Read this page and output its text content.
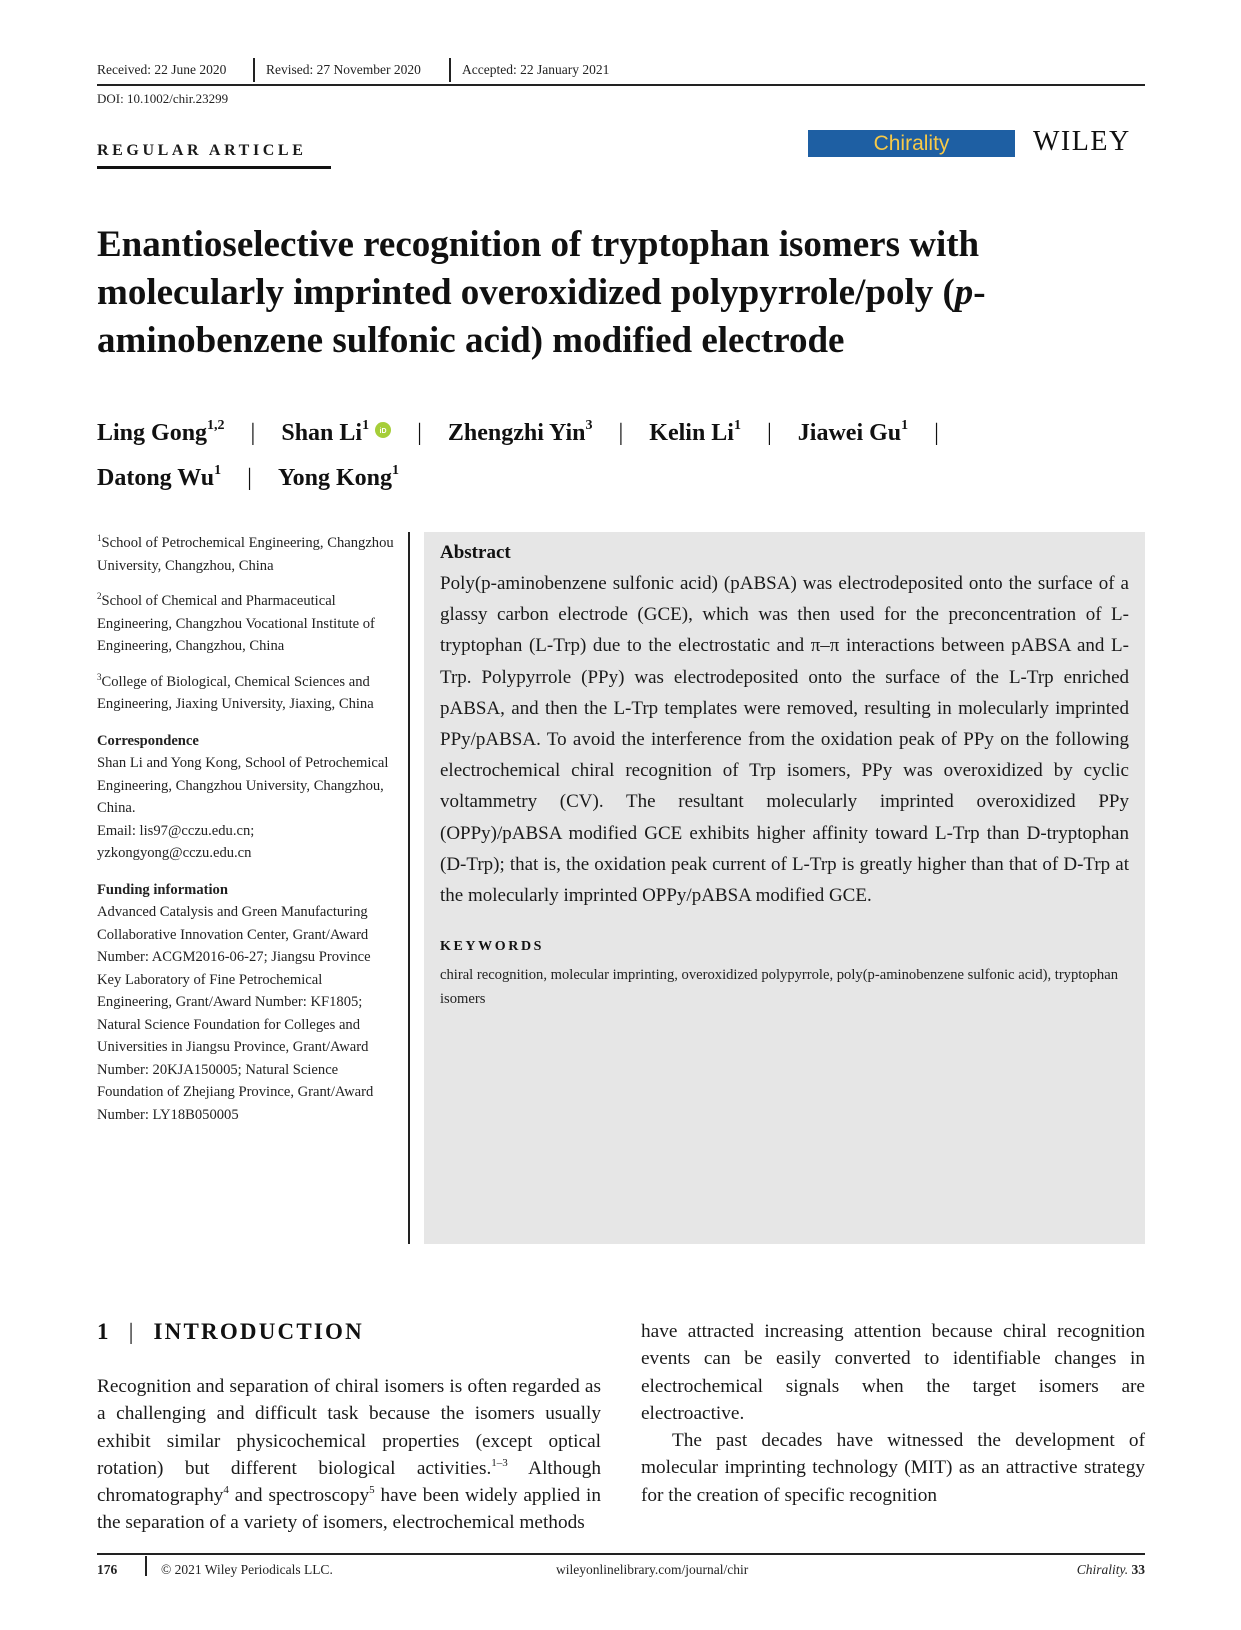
Received: 22 June 2020	Revised: 27 November 2020	Accepted: 22 January 2021
DOI: 10.1002/chir.23299
REGULAR ARTICLE	Chirality	WILEY
Enantioselective recognition of tryptophan isomers with molecularly imprinted overoxidized polypyrrole/poly (p-aminobenzene sulfonic acid) modified electrode
Ling Gong$^{1,2}$ | Shan Li$^1$ iD | Zhengzhi Yin$^3$ | Kelin Li$^1$ | Jiawei Gu$^1$ |
Datong Wu$^1$ | Yong Kong$^1$
$^1$School of Petrochemical Engineering, Changzhou University, Changzhou, China
$^2$School of Chemical and Pharmaceutical Engineering, Changzhou Vocational Institute of Engineering, Changzhou, China
$^3$College of Biological, Chemical Sciences and Engineering, Jiaxing University, Jiaxing, China
Correspondence
Shan Li and Yong Kong, School of Petrochemical Engineering, Changzhou University, Changzhou, China.
Email: lis97@cczu.edu.cn;
yzkongyong@cczu.edu.cn
Funding information
Advanced Catalysis and Green Manufacturing Collaborative Innovation Center, Grant/Award Number: ACGM2016-06-27; Jiangsu Province Key Laboratory of Fine Petrochemical Engineering, Grant/Award Number: KF1805; Natural Science Foundation for Colleges and Universities in Jiangsu Province, Grant/Award Number: 20KJA150005; Natural Science Foundation of Zhejiang Province, Grant/Award Number: LY18B050005
Abstract
Poly(p-aminobenzene sulfonic acid) (pABSA) was electrodeposited onto the surface of a glassy carbon electrode (GCE), which was then used for the preconcentration of L-tryptophan (L-Trp) due to the electrostatic and π–π interactions between pABSA and L-Trp. Polypyrrole (PPy) was electrodeposited onto the surface of the L-Trp enriched pABSA, and then the L-Trp templates were removed, resulting in molecularly imprinted PPy/pABSA. To avoid the interference from the oxidation peak of PPy on the following electrochemical chiral recognition of Trp isomers, PPy was overoxidized by cyclic voltammetry (CV). The resultant molecularly imprinted overoxidized PPy (OPPy)/pABSA modified GCE exhibits higher affinity toward L-Trp than D-tryptophan (D-Trp); that is, the oxidation peak current of L-Trp is greatly higher than that of D-Trp at the molecularly imprinted OPPy/pABSA modified GCE.
KEYWORDS
chiral recognition, molecular imprinting, overoxidized polypyrrole, poly(p-aminobenzene sulfonic acid), tryptophan isomers
1 | INTRODUCTION
Recognition and separation of chiral isomers is often regarded as a challenging and difficult task because the isomers usually exhibit similar physicochemical properties (except optical rotation) but different biological activities.$^{1-3}$ Although chromatography$^4$ and spectroscopy$^5$ have been widely applied in the separation of a variety of isomers, electrochemical methods
have attracted increasing attention because chiral recognition events can be easily converted to identifiable changes in electrochemical signals when the target isomers are electroactive.
The past decades have witnessed the development of molecular imprinting technology (MIT) as an attractive strategy for the creation of specific recognition
176	© 2021 Wiley Periodicals LLC.	wileyonlinelibrary.com/journal/chir	Chirality. 33
